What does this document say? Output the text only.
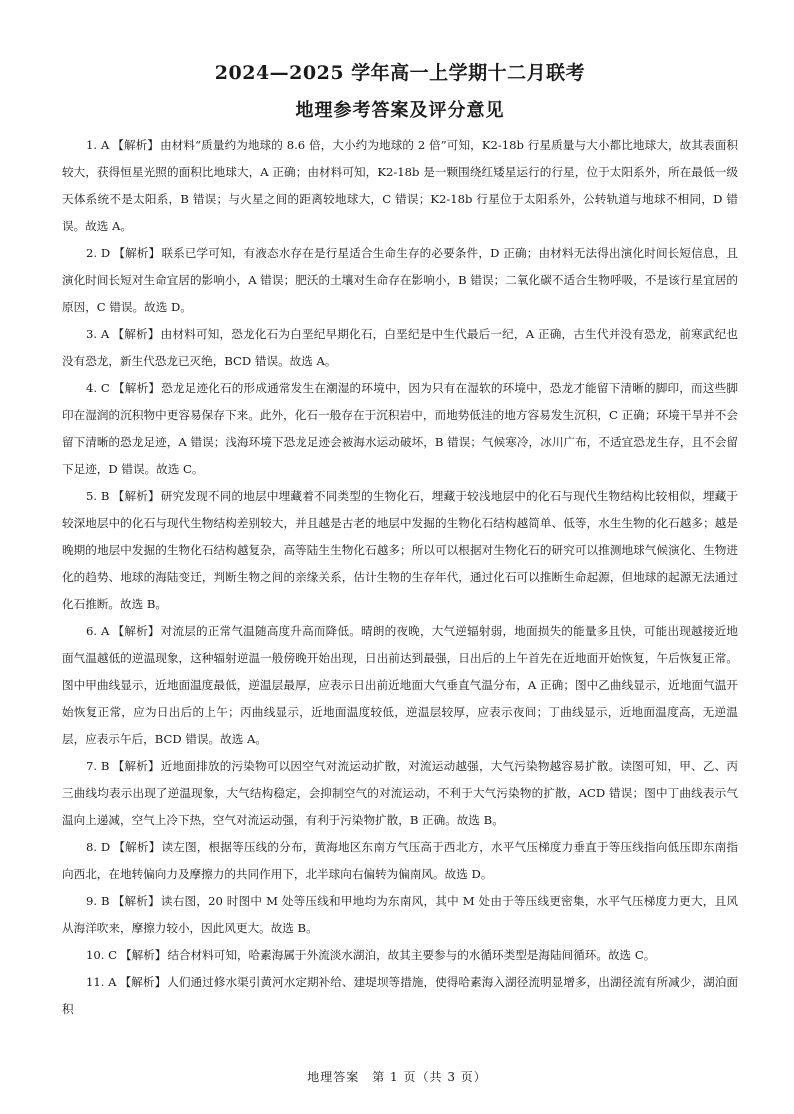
2024—2025 学年高一上学期十二月联考
地理参考答案及评分意见

1. A 【解析】由材料“质量约为地球的 8.6 倍，大小约为地球的 2 倍”可知，K2-18b 行星质量与大小都比地球大，故其表面积较大，获得恒星光照的面积比地球大，A 正确；由材料可知，K2-18b 是一颗围绕红矮星运行的行星，位于太阳系外，所在最低一级天体系统不是太阳系，B 错误；与火星之间的距离较地球大，C 错误；K2-18b 行星位于太阳系外，公转轨道与地球不相同，D 错误。故选 A。

2. D 【解析】联系已学可知，有液态水存在是行星适合生命生存的必要条件，D 正确；由材料无法得出演化时间长短信息，且演化时间长短对生命宜居的影响小，A 错误；肥沃的土壤对生命存在影响小，B 错误；二氧化碳不适合生物呼吸，不是该行星宜居的原因，C 错误。故选 D。

3. A 【解析】由材料可知，恐龙化石为白垩纪早期化石，白垩纪是中生代最后一纪，A 正确，古生代并没有恐龙，前寒武纪也没有恐龙，新生代恐龙已灭绝，BCD 错误。故选 A。

4. C 【解析】恐龙足迹化石的形成通常发生在潮湿的环境中，因为只有在湿软的环境中，恐龙才能留下清晰的脚印，而这些脚印在湿润的沉积物中更容易保存下来。此外，化石一般存在于沉积岩中，而地势低洼的地方容易发生沉积，C 正确；环境干旱并不会留下清晰的恐龙足迹，A 错误；浅海环境下恐龙足迹会被海水运动破坏，B 错误；气候寒冷，冰川广布，不适宜恐龙生存，且不会留下足迹，D 错误。故选 C。

5. B 【解析】研究发现不同的地层中埋藏着不同类型的生物化石，埋藏于较浅地层中的化石与现代生物结构比较相似，埋藏于较深地层中的化石与现代生物结构差别较大，并且越是古老的地层中发掘的生物化石结构越简单、低等，水生生物的化石越多；越是晚期的地层中发掘的生物化石结构越复杂，高等陆生生物化石越多；所以可以根据对生物化石的研究可以推测地球气候演化、生物进化的趋势、地球的海陆变迁，判断生物之间的亲缘关系，估计生物的生存年代，通过化石可以推断生命起源，但地球的起源无法通过化石推断。故选 B。

6. A 【解析】对流层的正常气温随高度升高而降低。晴朗的夜晚，大气逆辐射弱，地面损失的能量多且快，可能出现越接近地面气温越低的逆温现象，这种辐射逆温一般傍晚开始出现，日出前达到最强，日出后的上午首先在近地面开始恢复，午后恢复正常。图中甲曲线显示，近地面温度最低，逆温层最厚，应表示日出前近地面大气垂直气温分布，A 正确；图中乙曲线显示，近地面气温开始恢复正常，应为日出后的上午；丙曲线显示，近地面温度较低，逆温层较厚，应表示夜间；丁曲线显示，近地面温度高，无逆温层，应表示午后，BCD 错误。故选 A。

7. B 【解析】近地面排放的污染物可以因空气对流运动扩散，对流运动越强，大气污染物越容易扩散。读图可知，甲、乙、丙三曲线均表示出现了逆温现象，大气结构稳定，会抑制空气的对流运动，不利于大气污染物的扩散，ACD 错误；图中丁曲线表示气温向上递减，空气上冷下热，空气对流运动强，有利于污染物扩散，B 正确。故选 B。

8. D 【解析】读左图，根据等压线的分布，黄海地区东南方气压高于西北方，水平气压梯度力垂直于等压线指向低压即东南指向西北，在地转偏向力及摩擦力的共同作用下，北半球向右偏转为偏南风。故选 D。

9. B 【解析】读右图，20 时图中 M 处等压线和甲地均为东南风，其中 M 处由于等压线更密集，水平气压梯度力更大，且风从海洋吹来，摩擦力较小，因此风更大。故选 B。

10. C 【解析】结合材料可知，哈素海属于外流淡水湖泊，故其主要参与的水循环类型是海陆间循环。故选 C。

11. A 【解析】人们通过修水渠引黄河水定期补给、建堤坝等措施，使得哈素海入湖径流明显增多，出湖径流有所减少，湖泊面积

地理答案　第 1 页（共 3 页）
